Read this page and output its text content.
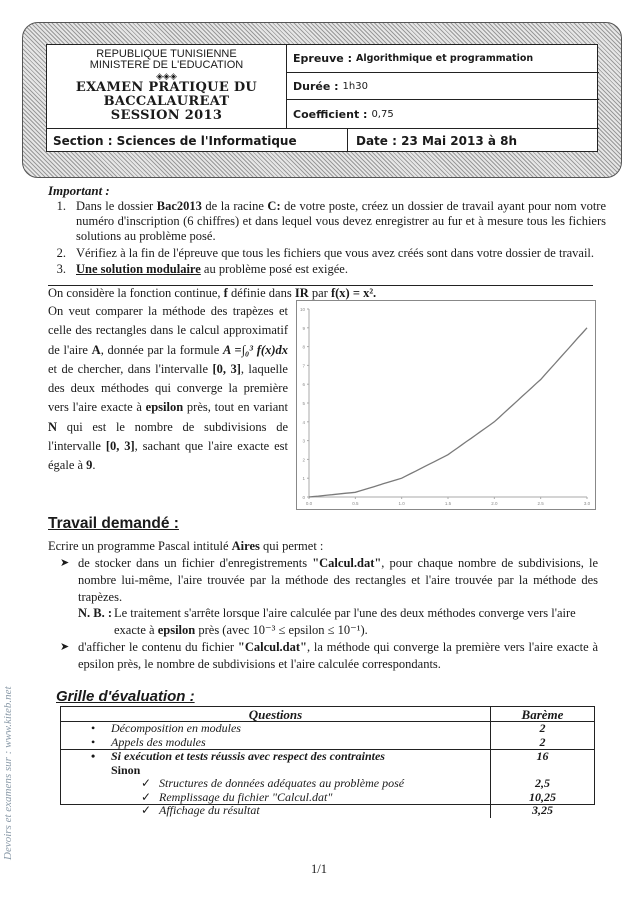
REPUBLIQUE TUNISIENNE
MINISTERE DE L'EDUCATION
◈◈◈
EXAMEN PRATIQUE DU
BACCALAUREAT
SESSION 2013
Epreuve : Algorithmique et programmation
Durée : 1h30
Coefficient : 0,75
Section : Sciences de l'Informatique	Date : 23 Mai 2013 à 8h
Important :
1. Dans le dossier Bac2013 de la racine C: de votre poste, créez un dossier de travail ayant pour nom votre numéro d'inscription (6 chiffres) et dans lequel vous devez enregistrer au fur et à mesure tous les fichiers solutions au problème posé.
2. Vérifiez à la fin de l'épreuve que tous les fichiers que vous avez créés sont dans votre dossier de travail.
3. Une solution modulaire au problème posé est exigée.
On considère la fonction continue, f définie dans IR par f(x) = x².
On veut comparer la méthode des trapèzes et celle des rectangles dans le calcul approximatif de l'aire A, donnée par la formule A =∫₀³ f(x)dx et de chercher, dans l'intervalle [0, 3], laquelle des deux méthodes qui converge la première vers l'aire exacte à epsilon près, tout en variant N qui est le nombre de subdivisions de l'intervalle [0, 3], sachant que l'aire exacte est égale à 9.
0
1
2
3
4
5
6
7
8
9
10
0.0	0.5	1.0	1.5	2.0	2.5	3.0
Travail demandé :
Ecrire un programme Pascal intitulé Aires qui permet :
➤ de stocker dans un fichier d'enregistrements "Calcul.dat", pour chaque nombre de subdivisions, le nombre lui-même, l'aire trouvée par la méthode des rectangles et l'aire trouvée par la méthode des trapèzes.
N. B. : Le traitement s'arrête lorsque l'aire calculée par l'une des deux méthodes converge vers l'aire exacte à epsilon près (avec 10⁻³ ≤ epsilon ≤ 10⁻¹).
➤ d'afficher le contenu du fichier "Calcul.dat", la méthode qui converge la première vers l'aire exacte à epsilon près, le nombre de subdivisions et l'aire calculée correspondants.
Grille d'évaluation :
Questions	Barème
• Décomposition en modules	2
• Appels des modules	2
• Si exécution et tests réussis avec respect des contraintes	16
Sinon
✓ Structures de données adéquates au problème posé	2,5
✓ Remplissage du fichier "Calcul.dat"	10,25
✓ Affichage du résultat	3,25
Devoirs et examens sur : www.kiteb.net
1/1
